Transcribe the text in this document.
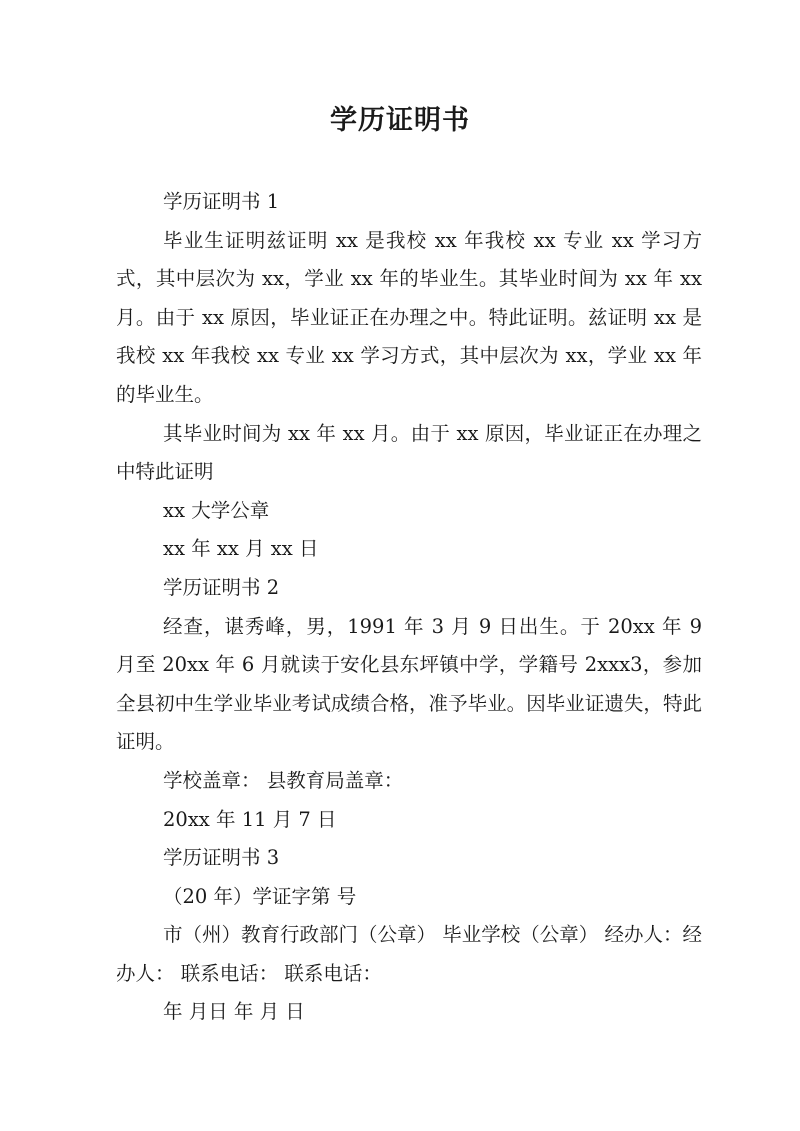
学历证明书

学历证明书 1

毕业生证明兹证明 xx 是我校 xx 年我校 xx 专业 xx 学习方式，其中层次为 xx，学业 xx 年的毕业生。其毕业时间为 xx 年 xx 月。由于 xx 原因，毕业证正在办理之中。特此证明。兹证明 xx 是我校 xx 年我校 xx 专业 xx 学习方式，其中层次为 xx，学业 xx 年的毕业生。

其毕业时间为 xx 年 xx 月。由于 xx 原因，毕业证正在办理之中特此证明

xx 大学公章

xx 年 xx 月 xx 日

学历证明书 2

经查，谌秀峰，男，1991 年 3 月 9 日出生。于 20xx 年 9 月至 20xx 年 6 月就读于安化县东坪镇中学，学籍号 2xxx3，参加全县初中生学业毕业考试成绩合格，准予毕业。因毕业证遗失，特此证明。

学校盖章： 县教育局盖章：

20xx 年 11 月 7 日

学历证明书 3

（20 年）学证字第 号

市（州）教育行政部门（公章） 毕业学校（公章） 经办人：经办人： 联系电话： 联系电话：

年 月日 年 月 日
